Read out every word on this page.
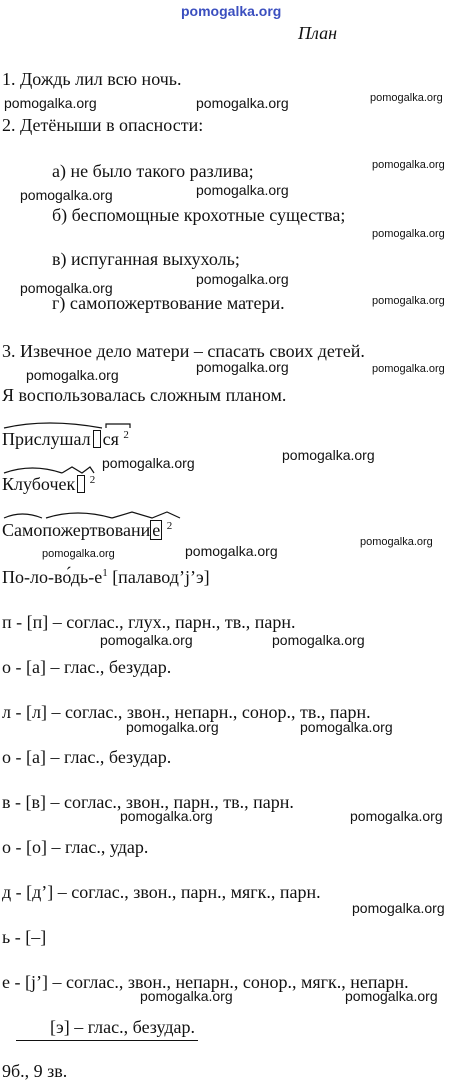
pomogalka.org
План
1. Дождь лил всю ночь.
2. Детёныши в опасности:
а) не было такого разлива;
б) беспомощные крохотные существа;
в) испуганная выхухоль;
г) самопожертвование матери.
3. Извечное дело матери – спасать своих детей.
Я воспользовалась сложным планом.
Прислушал ся $^2$
Клубочек $^2$
Самопожертвовани е $^2$
$По-ло-во́дь-е^1$ [палавод’j’э]
п - [п] – соглас., глух., парн., тв., парн.
о - [а] – глас., безудар.
л - [л] – соглас., звон., непарн., сонор., тв., парн.
о - [а] – глас., безудар.
в - [в] – соглас., звон., парн., тв., парн.
о - [о] – глас., удар.
д - [д’] – соглас., звон., парн., мягк., парн.
ь - [–]
е - [j’] – соглас., звон., непарн., сонор., мягк., непарн.
[э] – глас., безудар.
9б., 9 зв.
pomogalka.org	pomogalka.org	pomogalka.org
pomogalka.org
pomogalka.org	pomogalka.org
pomogalka.org
pomogalka.org
pomogalka.org
pomogalka.org
pomogalka.org	pomogalka.org	pomogalka.org
pomogalka.org	pomogalka.org
pomogalka.org	pomogalka.org
pomogalka.org
pomogalka.org	pomogalka.org
pomogalka.org	pomogalka.org
pomogalka.org	pomogalka.org
pomogalka.org
pomogalka.org	pomogalka.org
